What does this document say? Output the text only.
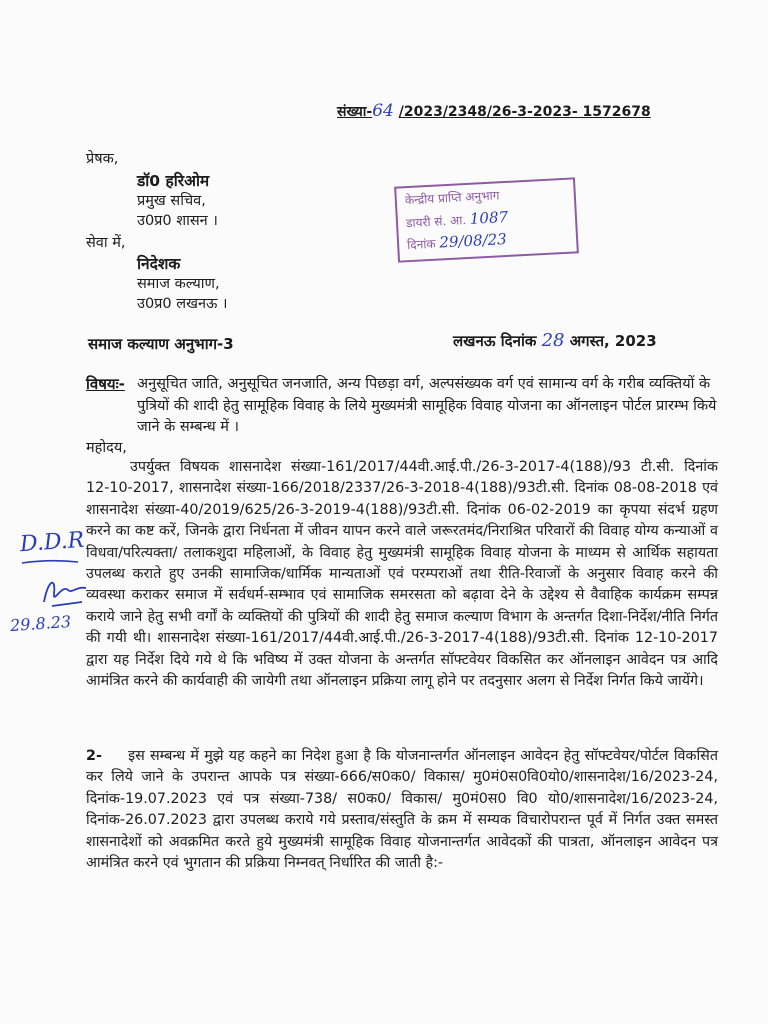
संख्या-64 /2023/2348/26-3-2023- 1572678
प्रेषक,
डॉ0 हरिओम
प्रमुख सचिव,
उ0प्र0 शासन ।
सेवा में,
निदेशक
समाज कल्याण,
उ0प्र0 लखनऊ ।
केन्द्रीय प्राप्ति अनुभाग
डायरी सं. आ. 1087
दिनांक 29/08/23
समाज कल्याण अनुभाग-3	लखनऊ दिनांक 28 अगस्त, 2023
विषयः- अनुसूचित जाति, अनुसूचित जनजाति, अन्य पिछड़ा वर्ग, अल्पसंख्यक वर्ग एवं सामान्य वर्ग के गरीब व्यक्तियों के पुत्रियों की शादी हेतु सामूहिक विवाह के लिये मुख्यमंत्री सामूहिक विवाह योजना का ऑनलाइन पोर्टल प्रारम्भ किये जाने के सम्बन्ध में ।
महोदय,
उपर्युक्त विषयक शासनादेश संख्या-161/2017/44वी.आई.पी./26-3-2017-4(188)/93 टी.सी. दिनांक 12-10-2017, शासनादेश संख्या-166/2018/2337/26-3-2018-4(188)/93टी.सी. दिनांक 08-08-2018 एवं शासनादेश संख्या-40/2019/625/26-3-2019-4(188)/93टी.सी. दिनांक 06-02-2019 का कृपया संदर्भ ग्रहण करने का कष्ट करें, जिनके द्वारा निर्धनता में जीवन यापन करने वाले जरूरतमंद/निराश्रित परिवारों की विवाह योग्य कन्याओं व विधवा/परित्यक्ता/ तलाकशुदा महिलाओं, के विवाह हेतु मुख्यमंत्री सामूहिक विवाह योजना के माध्यम से आर्थिक सहायता उपलब्ध कराते हुए उनकी सामाजिक/धार्मिक मान्यताओं एवं परम्पराओं तथा रीति-रिवाजों के अनुसार विवाह करने की व्यवस्था कराकर समाज में सर्वधर्म-सम्भाव एवं सामाजिक समरसता को बढ़ावा देने के उद्देश्य से वैवाहिक कार्यक्रम सम्पन्न कराये जाने हेतु सभी वर्गों के व्यक्तियों की पुत्रियों की शादी हेतु समाज कल्याण विभाग के अन्तर्गत दिशा-निर्देश/नीति निर्गत की गयी थी। शासनादेश संख्या-161/2017/44वी.आई.पी./26-3-2017-4(188)/93टी.सी. दिनांक 12-10-2017 द्वारा यह निर्देश दिये गये थे कि भविष्य में उक्त योजना के अन्तर्गत सॉफ्टवेयर विकसित कर ऑनलाइन आवेदन पत्र आदि आमंत्रित करने की कार्यवाही की जायेगी तथा ऑनलाइन प्रक्रिया लागू होने पर तदनुसार अलग से निर्देश निर्गत किये जायेंगे।
2- इस सम्बन्ध में मुझे यह कहने का निदेश हुआ है कि योजनान्तर्गत ऑनलाइन आवेदन हेतु सॉफ्टवेयर/पोर्टल विकसित कर लिये जाने के उपरान्त आपके पत्र संख्या-666/स0क0/ विकास/ मु0मं0स0वि0यो0/शासनादेश/16/2023-24, दिनांक-19.07.2023 एवं पत्र संख्या-738/ स0क0/ विकास/ मु0मं0स0 वि0 यो0/शासनादेश/16/2023-24, दिनांक-26.07.2023 द्वारा उपलब्ध कराये गये प्रस्ताव/संस्तुति के क्रम में सम्यक विचारोपरान्त पूर्व में निर्गत उक्त समस्त शासनादेशों को अवक्रमित करते हुये मुख्यमंत्री सामूहिक विवाह योजनान्तर्गत आवेदकों की पात्रता, ऑनलाइन आवेदन पत्र आमंत्रित करने एवं भुगतान की प्रक्रिया निम्नवत् निर्धारित की जाती है:-
D.D.R
29.8.23
